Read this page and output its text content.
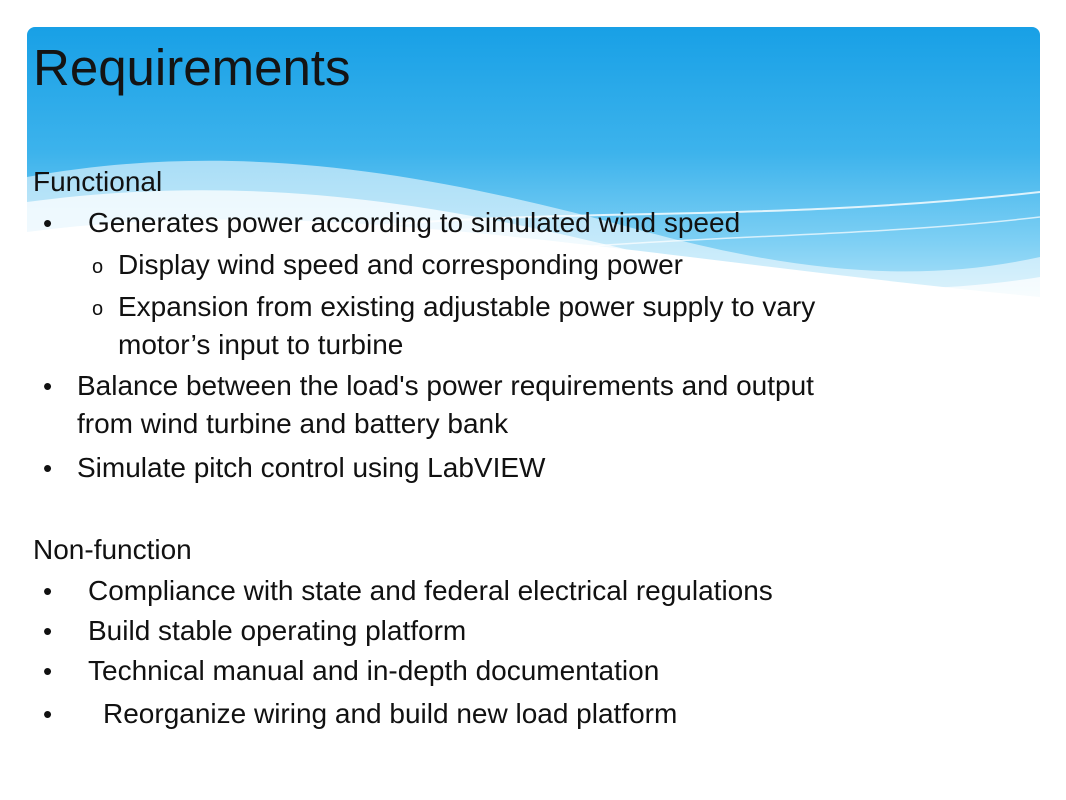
Requirements
Functional
• Generates power according to simulated wind speed
o Display wind speed and corresponding power
o Expansion from existing adjustable power supply to vary
motor’s input to turbine
• Balance between the load's power requirements and output
from wind turbine and battery bank
• Simulate pitch control using LabVIEW
Non-function
• Compliance with state and federal electrical regulations
• Build stable operating platform
• Technical manual and in-depth documentation
• Reorganize wiring and build new load platform
